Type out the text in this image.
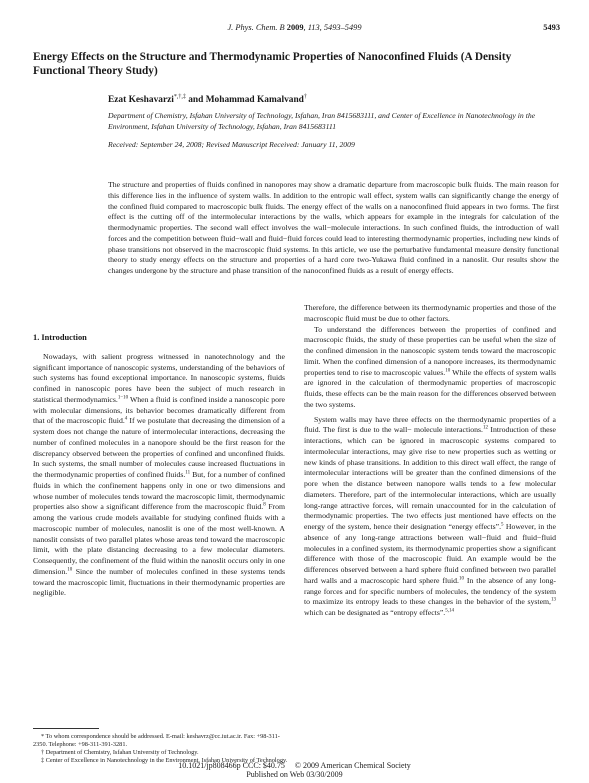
J. Phys. Chem. B 2009, 113, 5493–5499	5493
Energy Effects on the Structure and Thermodynamic Properties of Nanoconfined Fluids (A Density Functional Theory Study)
Ezat Keshavarzi*,†,‡ and Mohammad Kamalvand†
Department of Chemistry, Isfahan University of Technology, Isfahan, Iran 8415683111, and Center of Excellence in Nanotechnology in the Environment, Isfahan University of Technology, Isfahan, Iran 8415683111
Received: September 24, 2008; Revised Manuscript Received: January 11, 2009
The structure and properties of fluids confined in nanopores may show a dramatic departure from macroscopic bulk fluids. The main reason for this difference lies in the influence of system walls. In addition to the entropic wall effect, system walls can significantly change the energy of the confined fluid compared to macroscopic bulk fluids. The energy effect of the walls on a nanoconfined fluid appears in two forms. The first effect is the cutting off of the intermolecular interactions by the walls, which appears for example in the integrals for calculation of the thermodynamic properties. The second wall effect involves the wall−molecule interactions. In such confined fluids, the introduction of wall forces and the competition between fluid−wall and fluid−fluid forces could lead to interesting thermodynamic properties, including new kinds of phase transitions not observed in the macroscopic fluid systems. In this article, we use the perturbative fundamental measure density functional theory to study energy effects on the structure and properties of a hard core two-Yukawa fluid confined in a nanoslit. Our results show the changes undergone by the structure and phase transition of the nanoconfined fluids as a result of energy effects.
1. Introduction

Nowadays, with salient progress witnessed in nanotechnology and the significant importance of nanoscopic systems, understanding of the behaviors of such systems has found exceptional importance. In nanoscopic systems, fluids confined in nanoscopic pores have been the subject of much research in statistical thermodynamics.$^{1-10}$ When a fluid is confined inside a nanoscopic pore with molecular dimensions, its behavior becomes dramatically different from that of the macroscopic fluid.$^4$ If we postulate that decreasing the dimension of a system does not change the nature of intermolecular interactions, decreasing the number of confined molecules in a nanopore should be the first reason for the discrepancy observed between the properties of confined and unconfined fluids. In such systems, the small number of molecules cause increased fluctuations in the thermodynamic properties of confined fluids.$^{11}$ But, for a number of confined fluids in which the confinement happens only in one or two dimensions and whose number of molecules tends toward the macroscopic limit, thermodynamic properties also show a significant difference from the macroscopic fluid.$^8$ From among the various crude models available for studying confined fluids with a macroscopic number of molecules, nanoslit is one of the most well-known. A nanoslit consists of two parallel plates whose areas tend toward the macroscopic limit, with the plate distancing decreasing to a few molecular diameters. Consequently, the confinement of the fluid within the nanoslit occurs only in one dimension.$^{10}$ Since the number of molecules confined in these systems tends toward the macroscopic limit, fluctuations in their thermodynamic properties are negligible.

Therefore, the difference between its thermodynamic properties and those of the macroscopic fluid must be due to other factors.

To understand the differences between the properties of confined and macroscopic fluids, the study of these properties can be useful when the size of the confined dimension in the nanoscopic system tends toward the macroscopic limit. When the confined dimension of a nanopore increases, its thermodynamic properties tend to rise to macroscopic values.$^{10}$ While the effects of system walls are ignored in the calculation of thermodynamic properties of macroscopic fluids, these effects can be the main reason for the differences observed between the two systems.

System walls may have three effects on the thermodynamic properties of a fluid. The first is due to the wall− molecule interactions.$^{12}$ Introduction of these interactions, which can be ignored in macroscopic systems compared to intermolecular interactions, may give rise to new properties such as wetting or new kinds of phase transitions. In addition to this direct wall effect, the range of intermolecular interactions will be greater than the confined dimensions of the pore when the distance between nanopore walls tends to a few molecular diameters. Therefore, part of the intermolecular interactions, which are usually long-range attractive forces, will remain unaccounted for in the calculation of thermodynamic properties. The two effects just mentioned have effects on the energy of the system, hence their designation “energy effects”.$^5$ However, in the absence of any long-range attractions between wall−fluid and fluid−fluid molecules in a confined system, its thermodynamic properties show a significant difference with those of the macroscopic fluid. An example would be the differences observed between a hard sphere fluid confined between two parallel hard walls and a macroscopic hard sphere fluid.$^{10}$ In the absence of any long-range forces and for specific numbers of molecules, the tendency of the system to maximize its entropy leads to these changes in the behavior of the system,$^{13}$ which can be designated as “entropy effects”.$^{5,14}$

* To whom correspondence should be addressed. E-mail: keshavrz@cc.iut.ac.ir. Fax: +98-311-2350. Telephone: +98-311-391-3281.
† Department of Chemistry, Isfahan University of Technology.
‡ Center of Excellence in Nanotechnology in the Environment, Isfahan University of Technology.
10.1021/jp808466p CCC: $40.75     © 2009 American Chemical Society
Published on Web 03/30/2009
